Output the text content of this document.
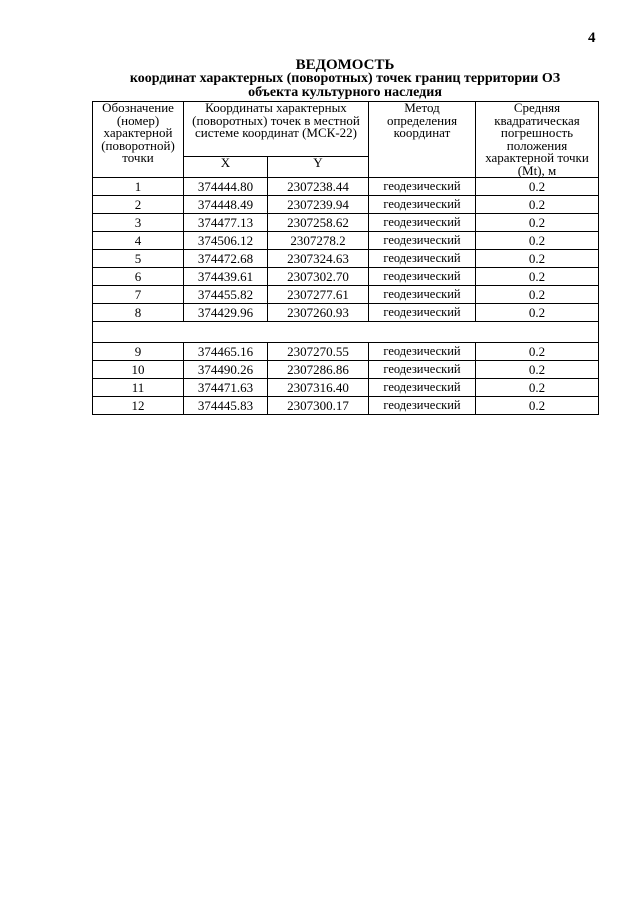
4
ВЕДОМОСТЬ
координат характерных (поворотных) точек границ территории ОЗ
объекта культурного наследия
Обозначение (номер) характерной (поворотной) точки	Координаты характерных (поворотных) точек в местной системе координат (МСК-22)		Метод определения координат	Средняя квадратическая погрешность положения характерной точки (Mt), м
	X	Y		
1	374444.80	2307238.44	геодезический	0.2
2	374448.49	2307239.94	геодезический	0.2
3	374477.13	2307258.62	геодезический	0.2
4	374506.12	2307278.2	геодезический	0.2
5	374472.68	2307324.63	геодезический	0.2
6	374439.61	2307302.70	геодезический	0.2
7	374455.82	2307277.61	геодезический	0.2
8	374429.96	2307260.93	геодезический	0.2

9	374465.16	2307270.55	геодезический	0.2
10	374490.26	2307286.86	геодезический	0.2
11	374471.63	2307316.40	геодезический	0.2
12	374445.83	2307300.17	геодезический	0.2
